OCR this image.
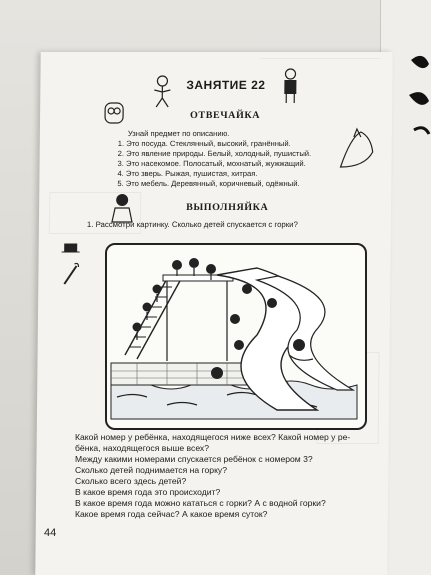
ЗАНЯТИЕ 22
ОТВЕЧАЙКА
Узнай предмет по описанию.
1. Это посуда. Стеклянный, высокий, гранённый.
2. Это явление природы. Белый, холодный, пушистый.
3. Это насекомое. Полосатый, мохнатый, жужжащий.
4. Это зверь. Рыжая, пушистая, хитрая.
5. Это мебель. Деревянный, коричневый, одёжный.
ВЫПОЛНЯЙКА
1. Рассмотри картинку. Сколько детей спускается с горки?
Какой номер у ребёнка, находящегося ниже всех? Какой номер у ре-
бёнка, находящегося выше всех?
Между какими номерами спускается ребёнок с номером 3?
Сколько детей поднимается на горку?
Сколько всего здесь детей?
В какое время года это происходит?
В какое время года можно кататься с горки? А с водной горки?
Какое время года сейчас? А какое время суток?
44
